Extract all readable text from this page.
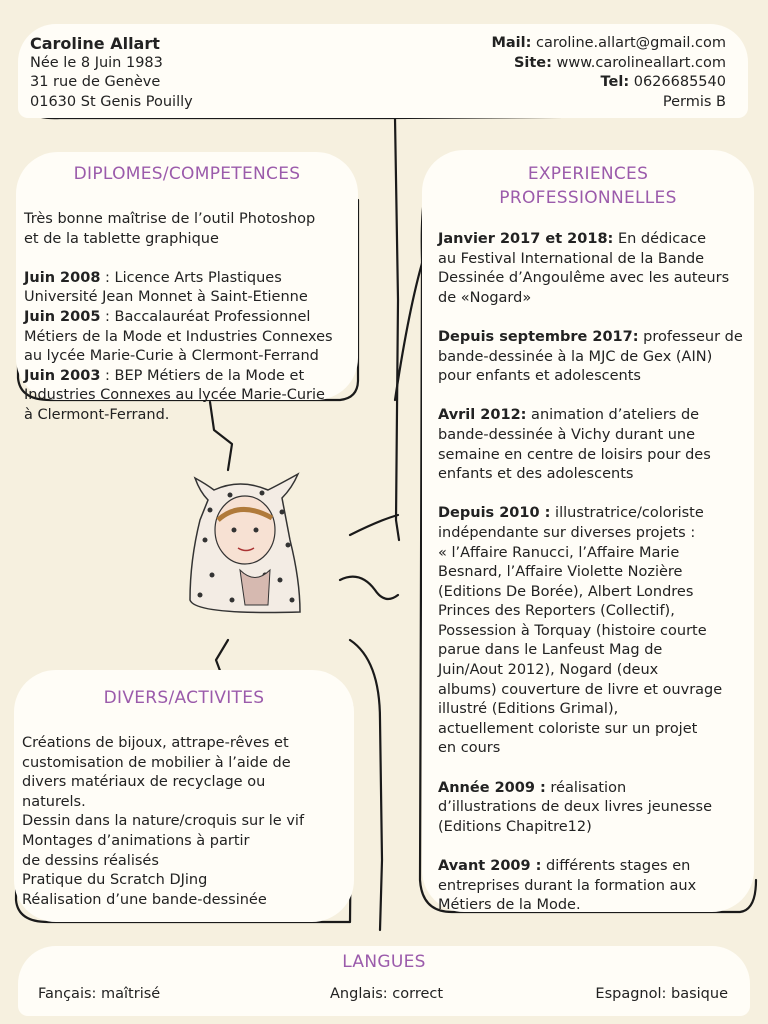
Caroline Allart
Née le 8 Juin 1983
31 rue de Genève
01630 St Genis Pouilly
Mail: caroline.allart@gmail.com
Site: www.carolineallart.com
Tel: 0626685540
Permis B
DIPLOMES/COMPETENCES
Très bonne maîtrise de l’outil Photoshop
et de la tablette graphique

Juin 2008 : Licence Arts Plastiques
Université Jean Monnet à Saint-Etienne
Juin 2005 : Baccalauréat Professionnel
Métiers de la Mode et Industries Connexes
au lycée Marie-Curie à Clermont-Ferrand
Juin 2003 : BEP Métiers de la Mode et
Industries Connexes au lycée Marie-Curie
à Clermont-Ferrand.
EXPERIENCES
PROFESSIONNELLES
Janvier 2017 et 2018: En dédicace
au Festival International de la Bande
Dessinée d’Angoulême avec les auteurs
de «Nogard»

Depuis septembre 2017: professeur de
bande-dessinée à la MJC de Gex (AIN)
pour enfants et adolescents

Avril 2012: animation d’ateliers de
bande-dessinée à Vichy durant une
semaine en centre de loisirs pour des
enfants et des adolescents

Depuis 2010 : illustratrice/coloriste
indépendante sur diverses projets :
« l’Affaire Ranucci, l’Affaire Marie
Besnard, l’Affaire Violette Nozière
(Editions De Borée), Albert Londres
Princes des Reporters (Collectif),
Possession à Torquay (histoire courte
parue dans le Lanfeust Mag de
Juin/Aout 2012), Nogard (deux
albums) couverture de livre et ouvrage
illustré (Editions Grimal),
actuellement coloriste sur un projet
en cours

Année 2009 : réalisation
d’illustrations de deux livres jeunesse
(Editions Chapitre12)

Avant 2009 : différents stages en
entreprises durant la formation aux
Métiers de la Mode.
DIVERS/ACTIVITES
Créations de bijoux, attrape-rêves et
customisation de mobilier à l’aide de
divers matériaux de recyclage ou
naturels.
Dessin dans la nature/croquis sur le vif
Montages d’animations à partir
de dessins réalisés
Pratique du Scratch DJing
Réalisation d’une bande-dessinée
LANGUES
Fançais: maîtrisé	Anglais: correct	Espagnol: basique
